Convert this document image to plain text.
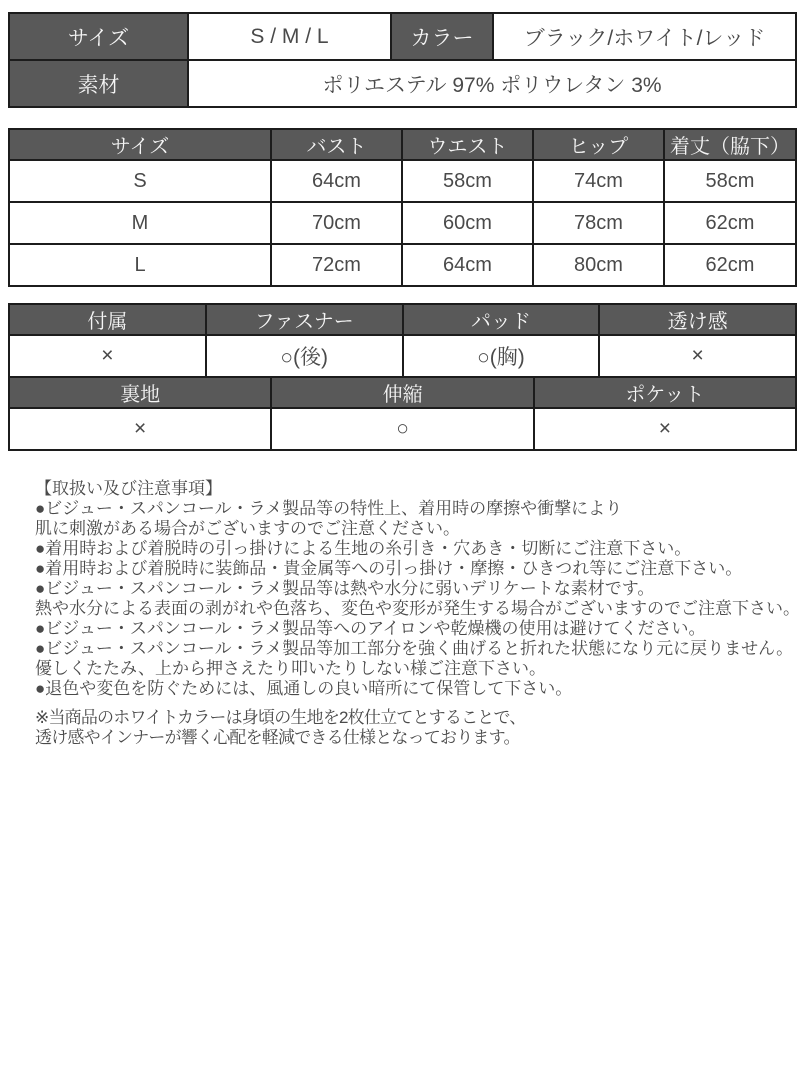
サイズ	S / M / L	カラー	ブラック/ホワイト/レッド
素材	ポリエステル 97% ポリウレタン 3%		
サイズ	バスト	ウエスト	ヒップ	着丈（脇下）
S	64cm	58cm	74cm	58cm
M	70cm	60cm	78cm	62cm
L	72cm	64cm	80cm	62cm
付属	ファスナー		パッド		透け感
×	○(後)		○(胸)		×
裏地		伸縮		ポケット	
×		○		×	
【取扱い及び注意事項】
●ビジュー・スパンコール・ラメ製品等の特性上、着用時の摩擦や衝撃により
肌に刺激がある場合がございますのでご注意ください。
●着用時および着脱時の引っ掛けによる生地の糸引き・穴あき・切断にご注意下さい。
●着用時および着脱時に装飾品・貴金属等への引っ掛け・摩擦・ひきつれ等にご注意下さい。
●ビジュー・スパンコール・ラメ製品等は熱や水分に弱いデリケートな素材です。
熱や水分による表面の剥がれや色落ち、変色や変形が発生する場合がございますのでご注意下さい。
●ビジュー・スパンコール・ラメ製品等へのアイロンや乾燥機の使用は避けてください。
●ビジュー・スパンコール・ラメ製品等加工部分を強く曲げると折れた状態になり元に戻りません。
優しくたたみ、上から押さえたり叩いたりしない様ご注意下さい。
●退色や変色を防ぐためには、風通しの良い暗所にて保管して下さい。
※当商品のホワイトカラーは身頃の生地を2枚仕立てとすることで、
透け感やインナーが響く心配を軽減できる仕様となっております。
